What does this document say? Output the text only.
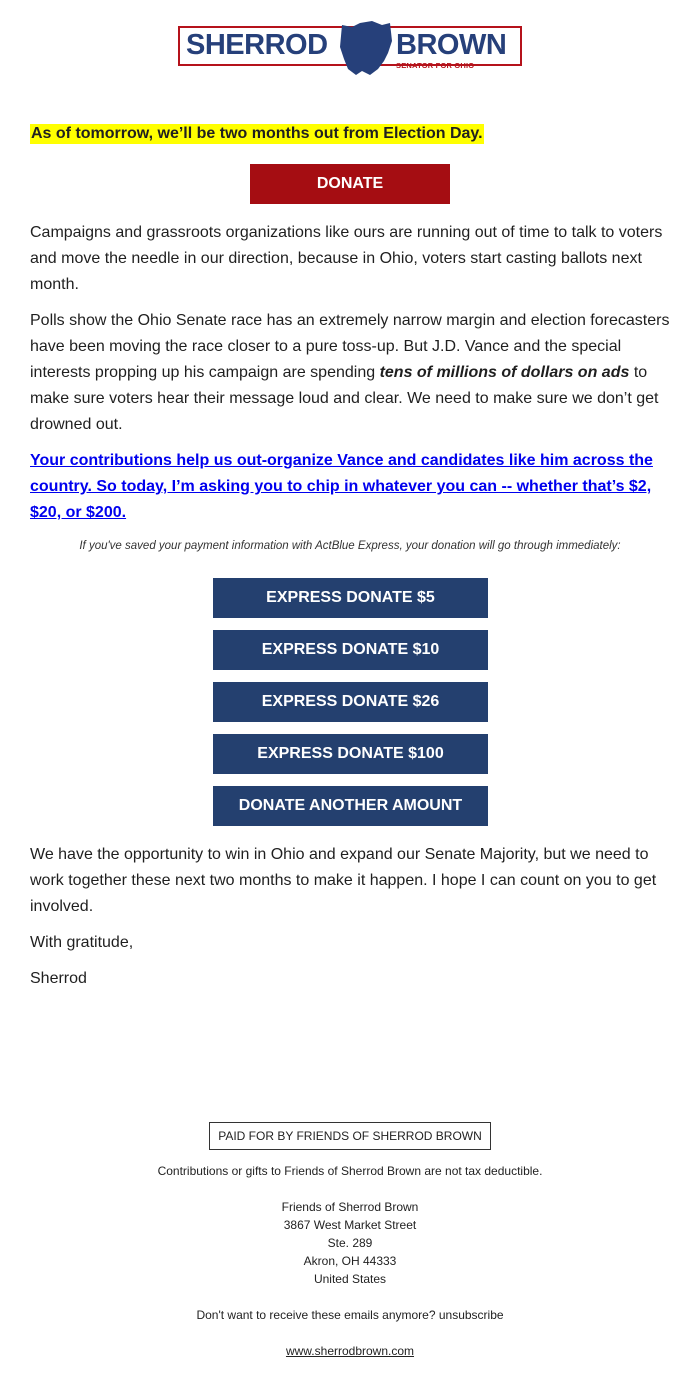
SHERROD BROWN
SENATOR FOR OHIO
As of tomorrow, we’ll be two months out from Election Day.
DONATE

Campaigns and grassroots organizations like ours are running out of time to talk to voters and move the needle in our direction, because in Ohio, voters start casting ballots next month.

Polls show the Ohio Senate race has an extremely narrow margin and election forecasters have been moving the race closer to a pure toss-up. But J.D. Vance and the special interests propping up his campaign are spending tens of millions of dollars on ads to make sure voters hear their message loud and clear. We need to make sure we don’t get drowned out.

Your contributions help us out-organize Vance and candidates like him across the country. So today, I’m asking you to chip in whatever you can -- whether that’s $2, $20, or $200.

If you've saved your payment information with ActBlue Express, your donation will go through immediately:
EXPRESS DONATE $5
EXPRESS DONATE $10
EXPRESS DONATE $26
EXPRESS DONATE $100
DONATE ANOTHER AMOUNT

We have the opportunity to win in Ohio and expand our Senate Majority, but we need to work together these next two months to make it happen. I hope I can count on you to get involved.

With gratitude,

Sherrod

PAID FOR BY FRIENDS OF SHERROD BROWN
Contributions or gifts to Friends of Sherrod Brown are not tax deductible.
Friends of Sherrod Brown
3867 West Market Street
Ste. 289
Akron, OH 44333
United States
Don't want to receive these emails anymore? unsubscribe
www.sherrodbrown.com
